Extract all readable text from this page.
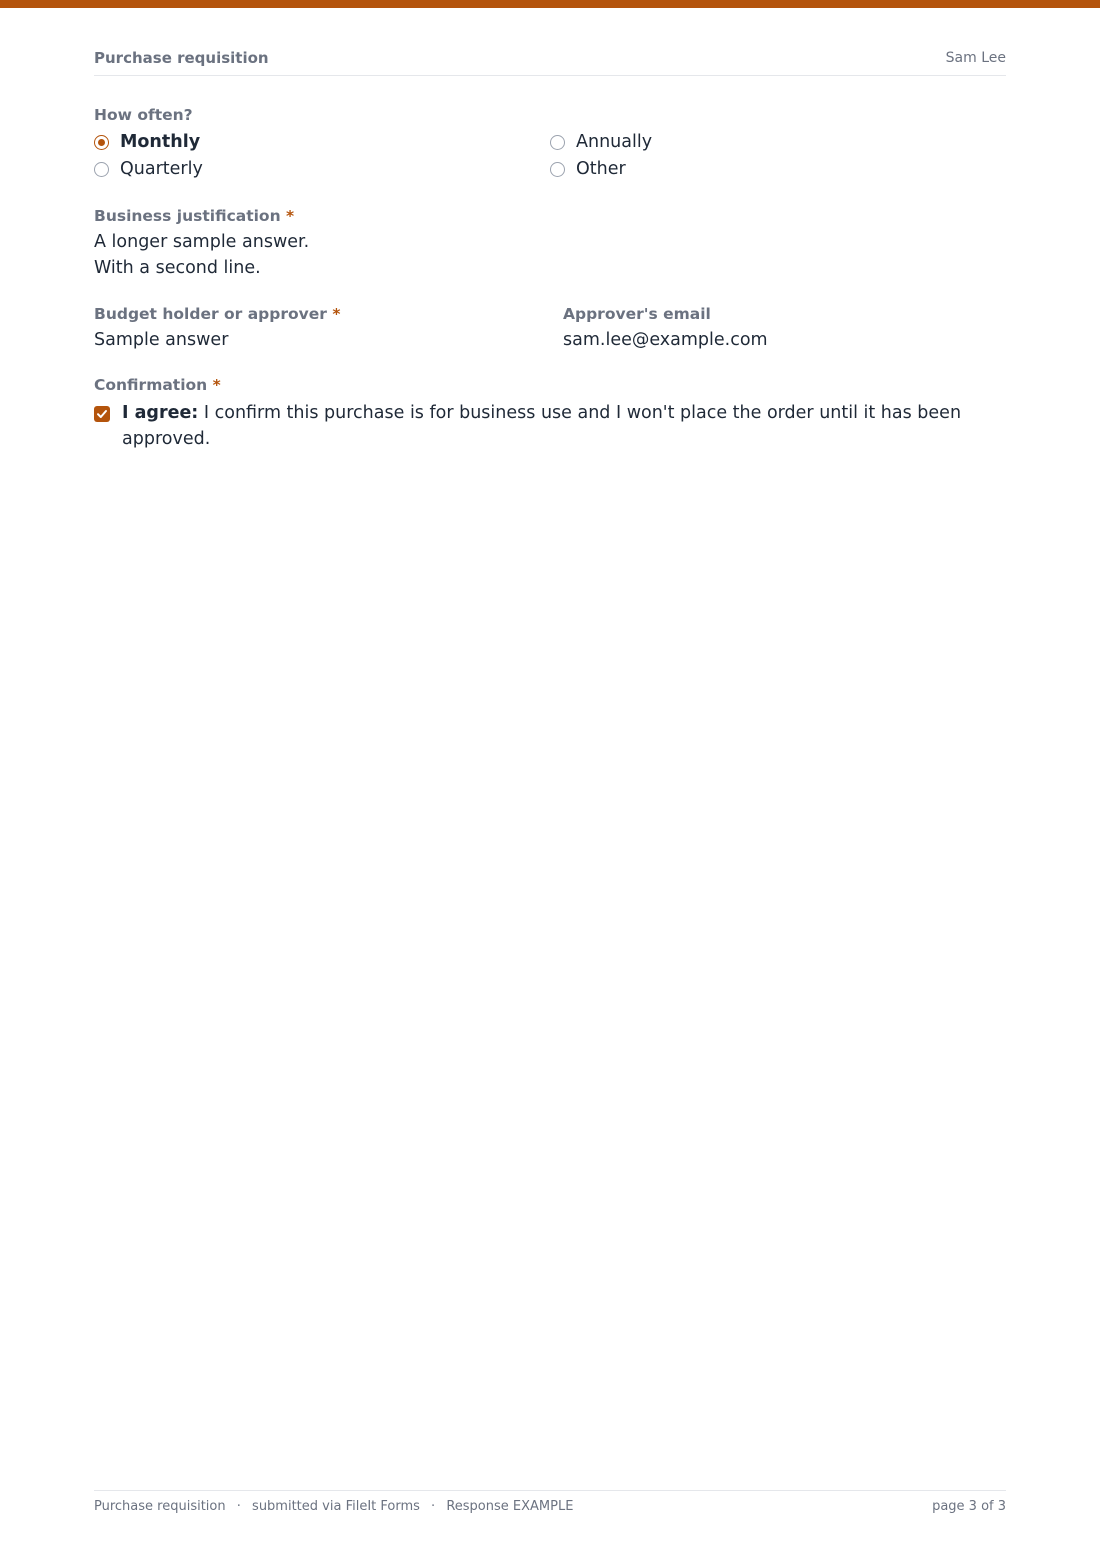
Purchase requisition	Sam Lee
How often?
Monthly	Annually
Quarterly	Other
Business justification *
A longer sample answer.
With a second line.
Budget holder or approver *
Sample answer
Approver's email
sam.lee@example.com
Confirmation *
I agree: I confirm this purchase is for business use and I won't place the order until it has been approved.
Purchase requisition · submitted via FileIt Forms · Response EXAMPLE	page 3 of 3
